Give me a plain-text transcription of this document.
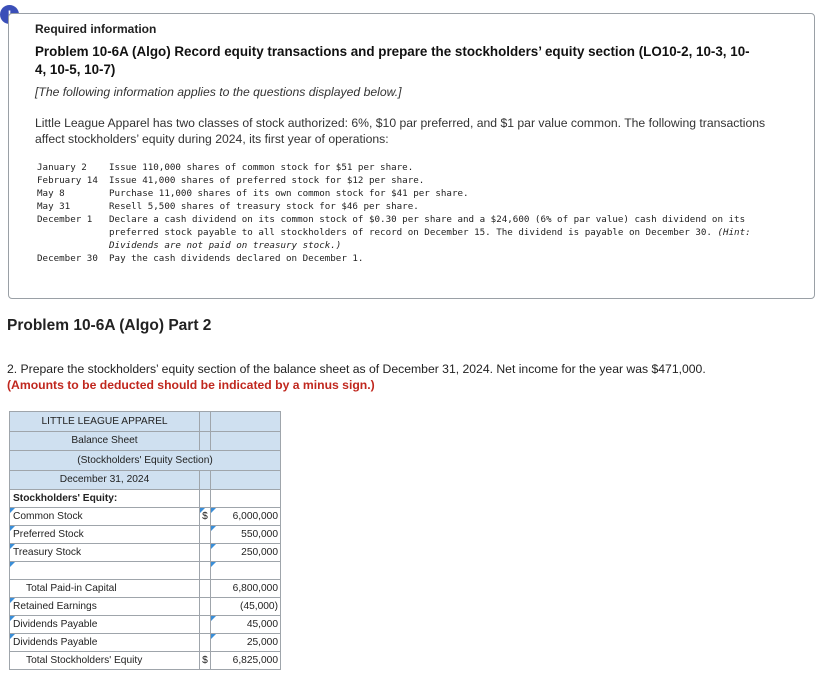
Required information
Problem 10-6A (Algo) Record equity transactions and prepare the stockholders’ equity section (LO10-2, 10-3, 10-4, 10-5, 10-7)
[The following information applies to the questions displayed below.]
Little League Apparel has two classes of stock authorized: 6%, $10 par preferred, and $1 par value common. The following transactions affect stockholders’ equity during 2024, its first year of operations:
January 2	Issue 110,000 shares of common stock for $51 per share.
February 14	Issue 41,000 shares of preferred stock for $12 per share.
May 8	Purchase 11,000 shares of its own common stock for $41 per share.
May 31	Resell 5,500 shares of treasury stock for $46 per share.
December 1	Declare a cash dividend on its common stock of $0.30 per share and a $24,600 (6% of par value) cash dividend on its preferred stock payable to all stockholders of record on December 15. The dividend is payable on December 30. (Hint: Dividends are not paid on treasury stock.)
December 30	Pay the cash dividends declared on December 1.
Problem 10-6A (Algo) Part 2
2. Prepare the stockholders’ equity section of the balance sheet as of December 31, 2024. Net income for the year was $471,000.
(Amounts to be deducted should be indicated by a minus sign.)
LITTLE LEAGUE APPAREL		
Balance Sheet		
(Stockholders' Equity Section)		
December 31, 2024		
Stockholders' Equity:		
Common Stock	$	6,000,000
Preferred Stock		550,000
Treasury Stock		250,000

Total Paid-in Capital		6,800,000
Retained Earnings		(45,000)
Dividends Payable		45,000
Dividends Payable		25,000
Total Stockholders' Equity	$	6,825,000
